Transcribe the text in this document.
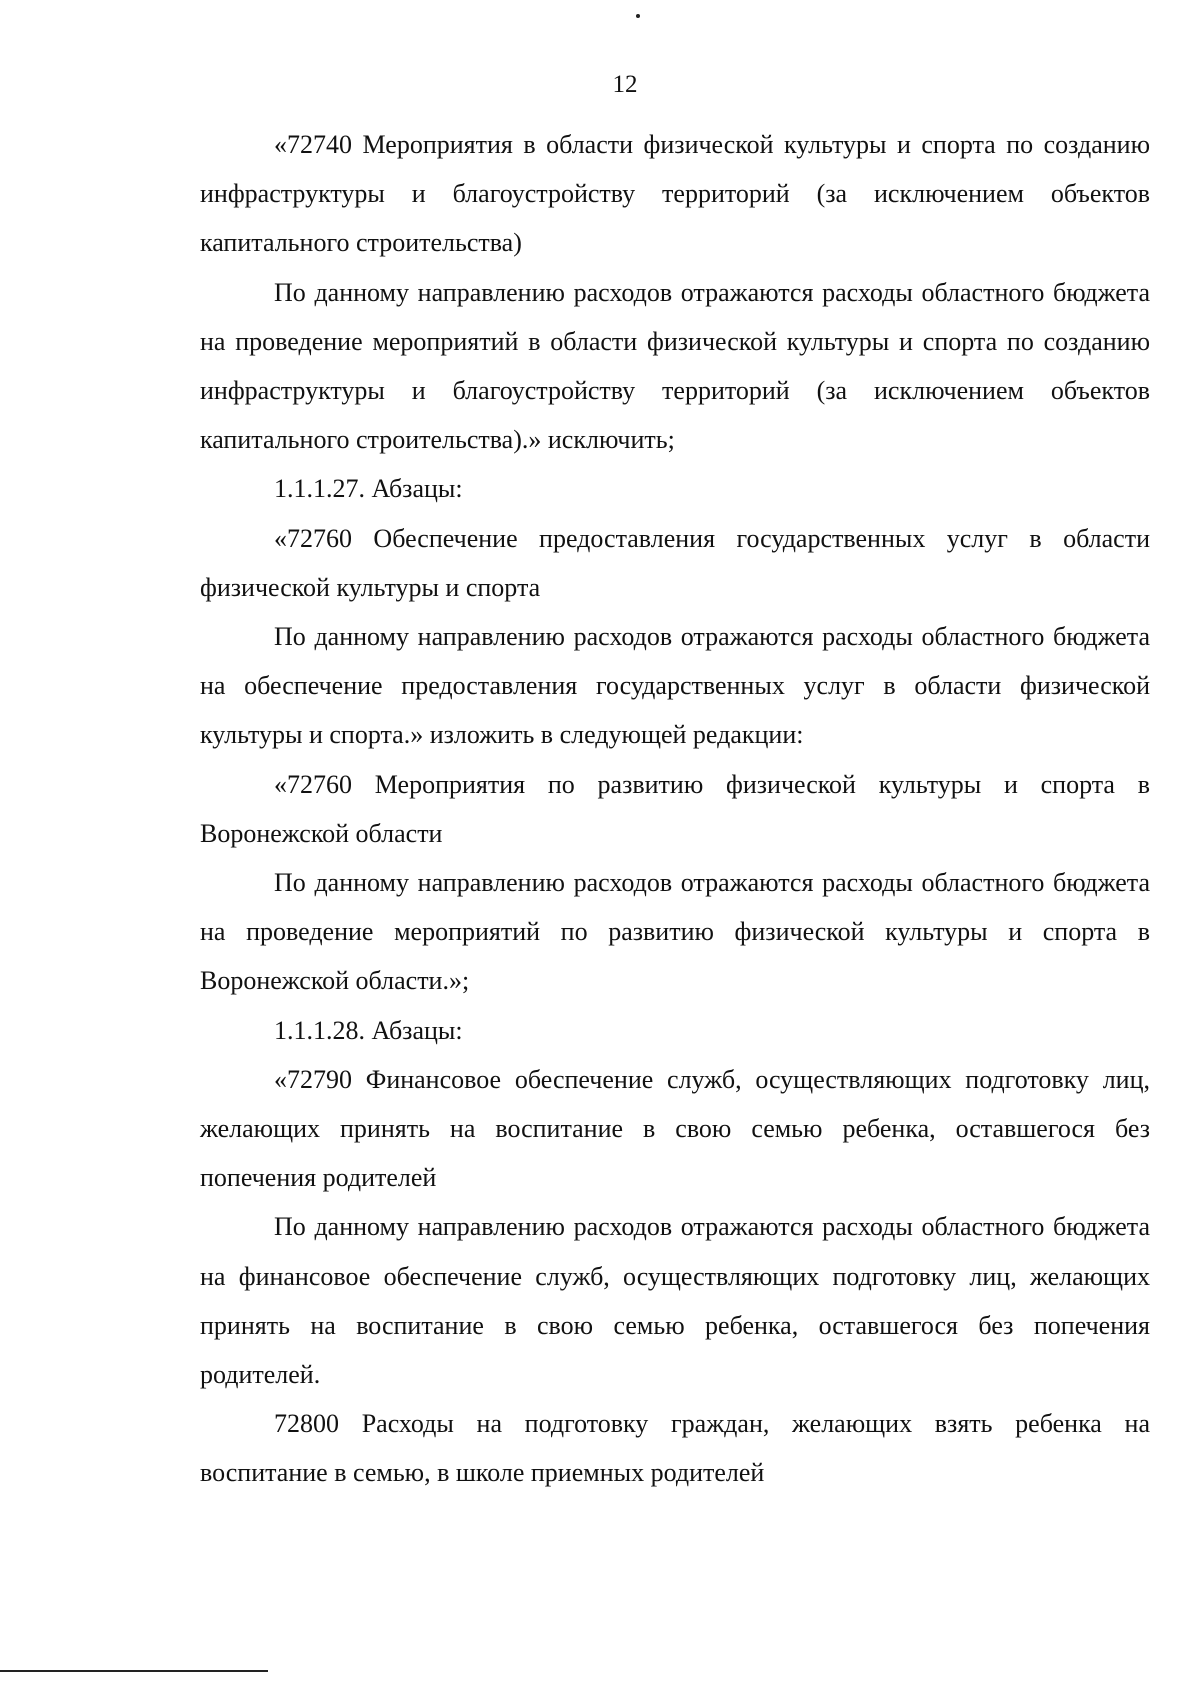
12

«72740 Мероприятия в области физической культуры и спорта по созданию инфраструктуры и благоустройству территорий (за исключением объектов капитального строительства)

По данному направлению расходов отражаются расходы областного бюджета на проведение мероприятий в области физической культуры и спорта по созданию инфраструктуры и благоустройству территорий (за исключением объектов капитального строительства).» исключить;

1.1.1.27. Абзацы:

«72760 Обеспечение предоставления государственных услуг в области физической культуры и спорта

По данному направлению расходов отражаются расходы областного бюджета на обеспечение предоставления государственных услуг в области физической культуры и спорта.» изложить в следующей редакции:

«72760 Мероприятия по развитию физической культуры и спорта в Воронежской области

По данному направлению расходов отражаются расходы областного бюджета на проведение мероприятий по развитию физической культуры и спорта в Воронежской области.»;

1.1.1.28. Абзацы:

«72790 Финансовое обеспечение служб, осуществляющих подготовку лиц, желающих принять на воспитание в свою семью ребенка, оставшегося без попечения родителей

По данному направлению расходов отражаются расходы областного бюджета на финансовое обеспечение служб, осуществляющих подготовку лиц, желающих принять на воспитание в свою семью ребенка, оставшегося без попечения родителей.

72800 Расходы на подготовку граждан, желающих взять ребенка на воспитание в семью, в школе приемных родителей
